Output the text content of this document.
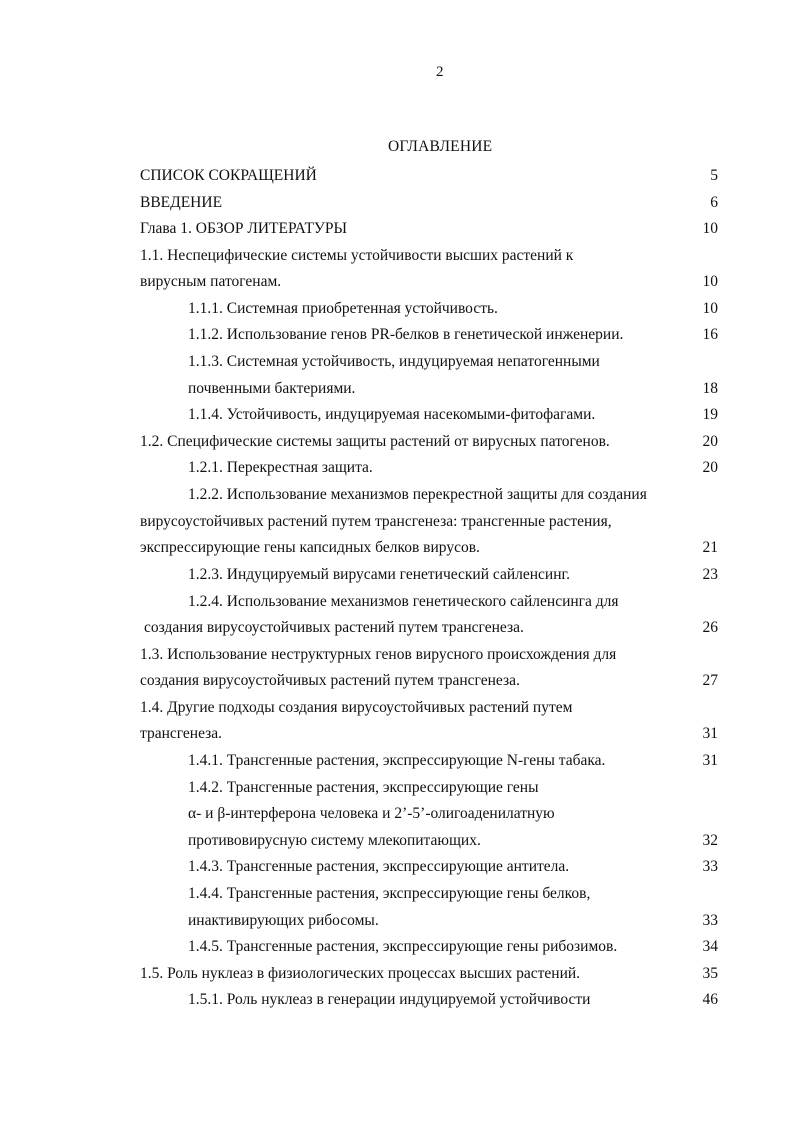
2
ОГЛАВЛЕНИЕ
СПИСОК СОКРАЩЕНИЙ	5
ВВЕДЕНИЕ	6
Глава 1. ОБЗОР ЛИТЕРАТУРЫ	10
1.1. Неспецифические системы устойчивости высших растений к
вирусным патогенам.	10
1.1.1. Системная приобретенная устойчивость.	10
1.1.2. Использование генов PR-белков в генетической инженерии.	16
1.1.3. Системная устойчивость, индуцируемая непатогенными
почвенными бактериями.	18
1.1.4. Устойчивость, индуцируемая насекомыми-фитофагами.	19
1.2. Специфические системы защиты растений от вирусных патогенов.	20
1.2.1. Перекрестная защита.	20
1.2.2. Использование механизмов перекрестной защиты для создания
вирусоустойчивых растений путем трансгенеза: трансгенные растения,
экспрессирующие гены капсидных белков вирусов.	21
1.2.3. Индуцируемый вирусами генетический сайленсинг.	23
1.2.4. Использование механизмов генетического сайленсинга для
создания вирусоустойчивых растений путем трансгенеза.	26
1.3. Использование неструктурных генов вирусного происхождения для
создания вирусоустойчивых растений путем трансгенеза.	27
1.4. Другие подходы создания вирусоустойчивых растений путем
трансгенеза.	31
1.4.1. Трансгенные растения, экспрессирующие N-гены табака.	31
1.4.2. Трансгенные растения, экспрессирующие гены
α- и β-интерферона человека и 2’-5’-олигоаденилатную
противовирусную систему млекопитающих.	32
1.4.3. Трансгенные растения, экспрессирующие антитела.	33
1.4.4. Трансгенные растения, экспрессирующие гены белков,
инактивирующих рибосомы.	33
1.4.5. Трансгенные растения, экспрессирующие гены рибозимов.	34
1.5. Роль нуклеаз в физиологических процессах высших растений.	35
1.5.1. Роль нуклеаз в генерации индуцируемой устойчивости	46
